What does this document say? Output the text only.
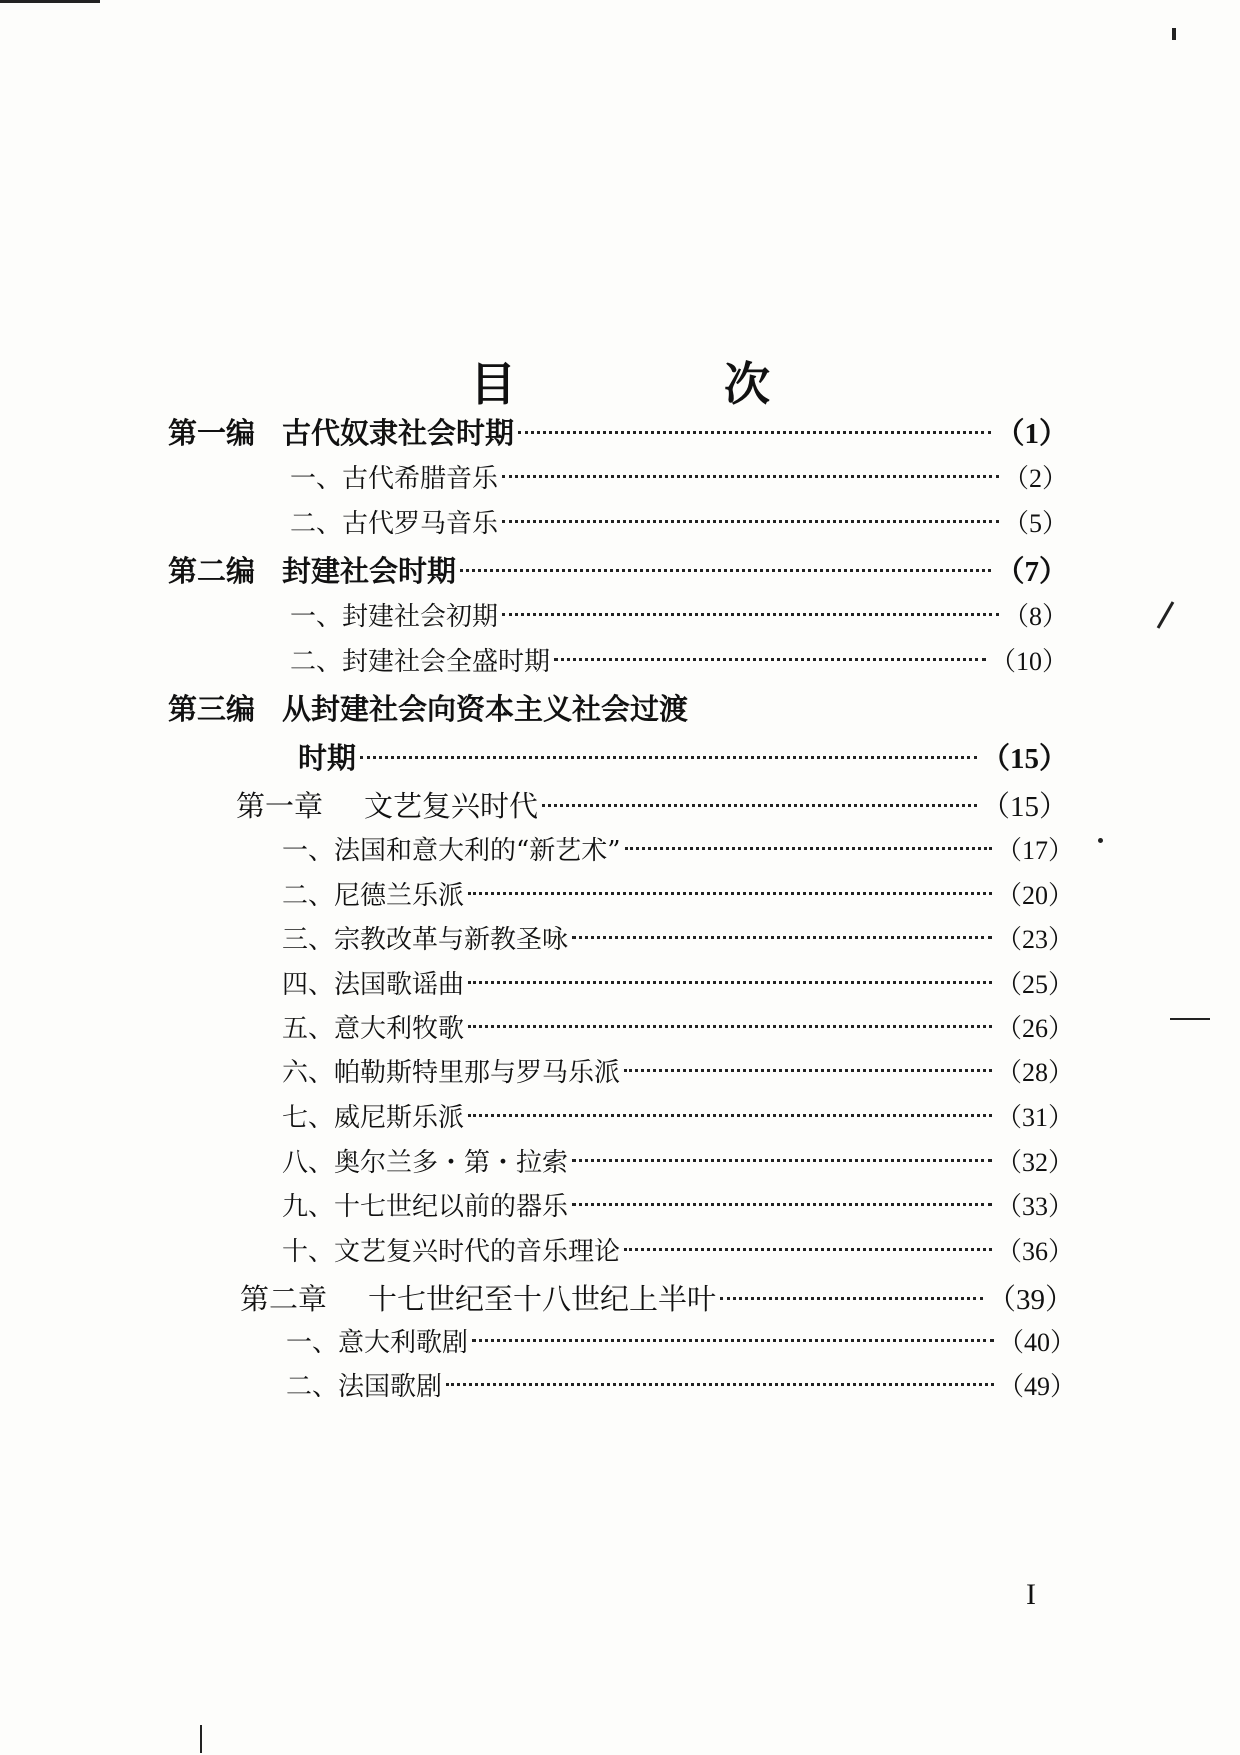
目	次
第一编 古代奴隶社会时期	（1）
一、古代希腊音乐	（2）
二、古代罗马音乐	（5）
第二编 封建社会时期	（7）
一、封建社会初期	（8）
二、封建社会全盛时期	（10）
第三编 从封建社会向资本主义社会过渡
时期	（15）
第一章 文艺复兴时代	（15）
一、法国和意大利的“新艺术”	（17）
二、尼德兰乐派	（20）
三、宗教改革与新教圣咏	（23）
四、法国歌谣曲	（25）
五、意大利牧歌	（26）
六、帕勒斯特里那与罗马乐派	（28）
七、威尼斯乐派	（31）
八、奥尔兰多・第・拉索	（32）
九、十七世纪以前的器乐	（33）
十、文艺复兴时代的音乐理论	（36）
第二章 十七世纪至十八世纪上半叶	（39）
一、意大利歌剧	（40）
二、法国歌剧	（49）
I
